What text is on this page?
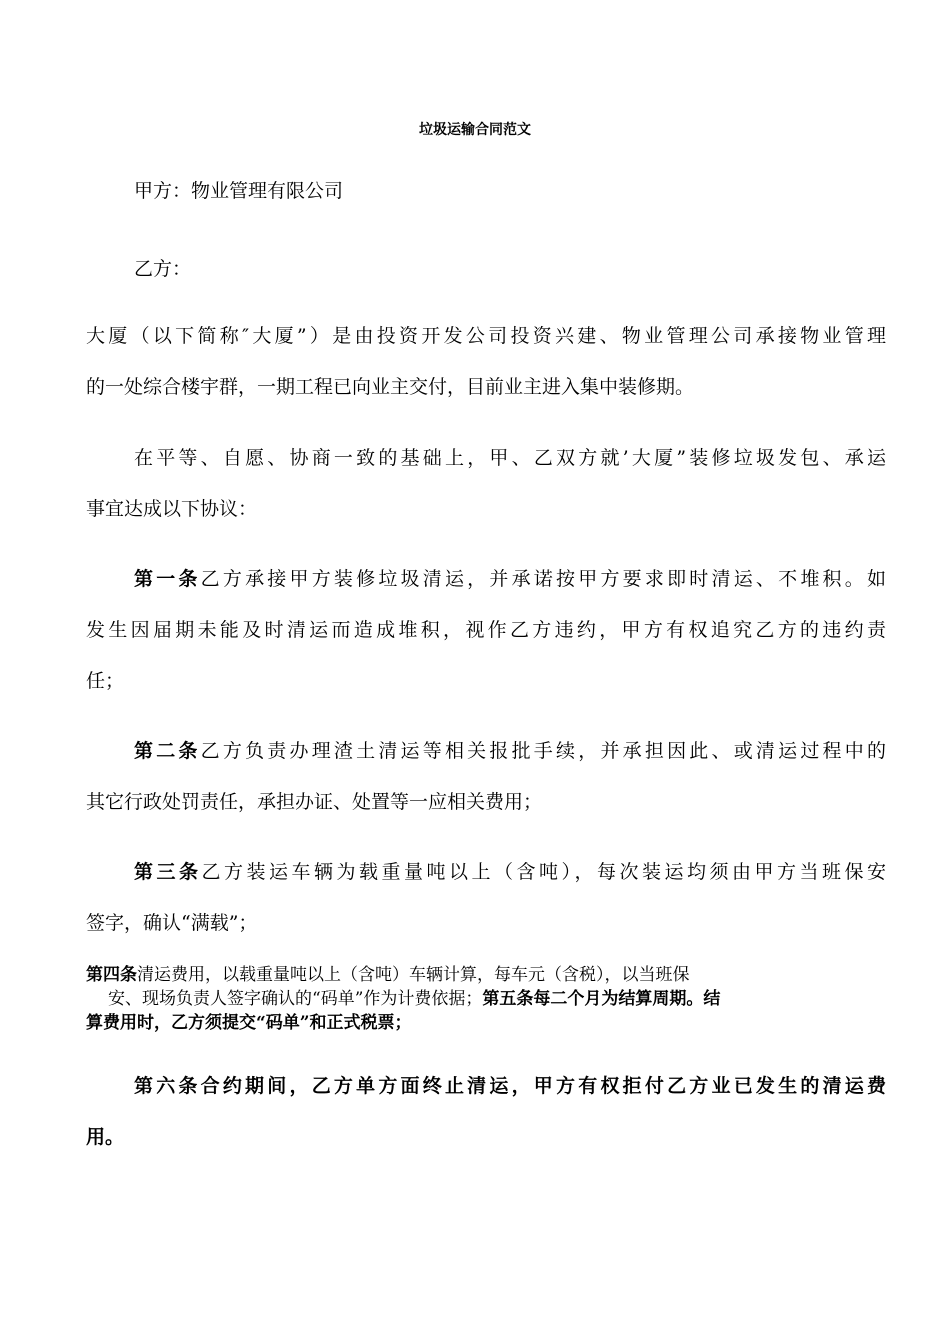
垃圾运输合同范文
甲方：物业管理有限公司
乙方：
大厦（以下简称″大厦”）是由投资开发公司投资兴建、物业管理公司承接物业管理
的一处综合楼宇群，一期工程已向业主交付，目前业主进入集中装修期。
在平等、自愿、协商一致的基础上，甲、乙双方就’大厦”装修垃圾发包、承运
事宜达成以下协议：
第一条乙方承接甲方装修垃圾清运，并承诺按甲方要求即时清运、不堆积。如
发生因届期未能及时清运而造成堆积，视作乙方违约，甲方有权追究乙方的违约责
任；
第二条乙方负责办理渣土清运等相关报批手续，并承担因此、或清运过程中的
其它行政处罚责任，承担办证、处置等一应相关费用；
第三条乙方装运车辆为载重量吨以上（含吨），每次装运均须由甲方当班保安
签字，确认“满载”；
第四条清运费用，以载重量吨以上（含吨）车辆计算，每车元（含税），以当班保
安、现场负责人签字确认的“码单”作为计费依据；第五条每二个月为结算周期。结
算费用时，乙方须提交“码单”和正式税票；
第六条合约期间，乙方单方面终止清运，甲方有权拒付乙方业已发生的清运费
用。
